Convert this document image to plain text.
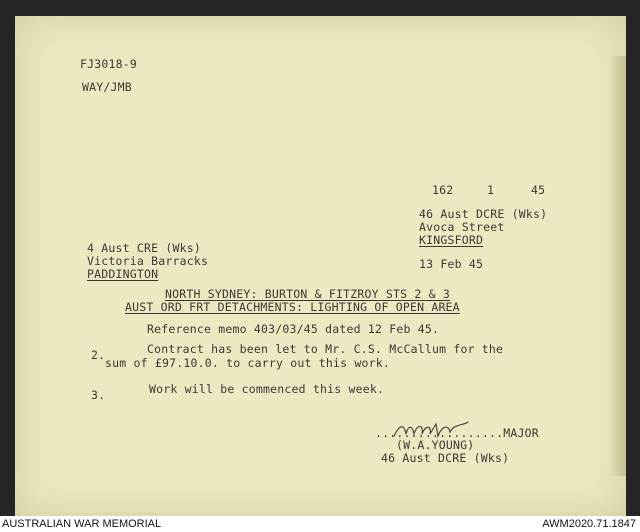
FJ3018-9
WAY/JMB
162	1	45
46 Aust DCRE (Wks)
Avoca Street
KINGSFORD
13 Feb 45
4 Aust CRE (Wks)
Victoria Barracks
PADDINGTON
NORTH SYDNEY: BURTON & FITZROY STS 2 & 3
AUST ORD FRT DETACHMENTS: LIGHTING OF OPEN AREA
Reference memo 403/03/45 dated 12 Feb 45.
2.	Contract has been let to Mr. C.S. McCallum for the
sum of £97.10.0. to carry out this work.
3.	Work will be commenced this week.
..................MAJOR
(W.A.YOUNG)
46 Aust DCRE (Wks)
AUSTRALIAN WAR MEMORIAL	AWM2020.71.1847
